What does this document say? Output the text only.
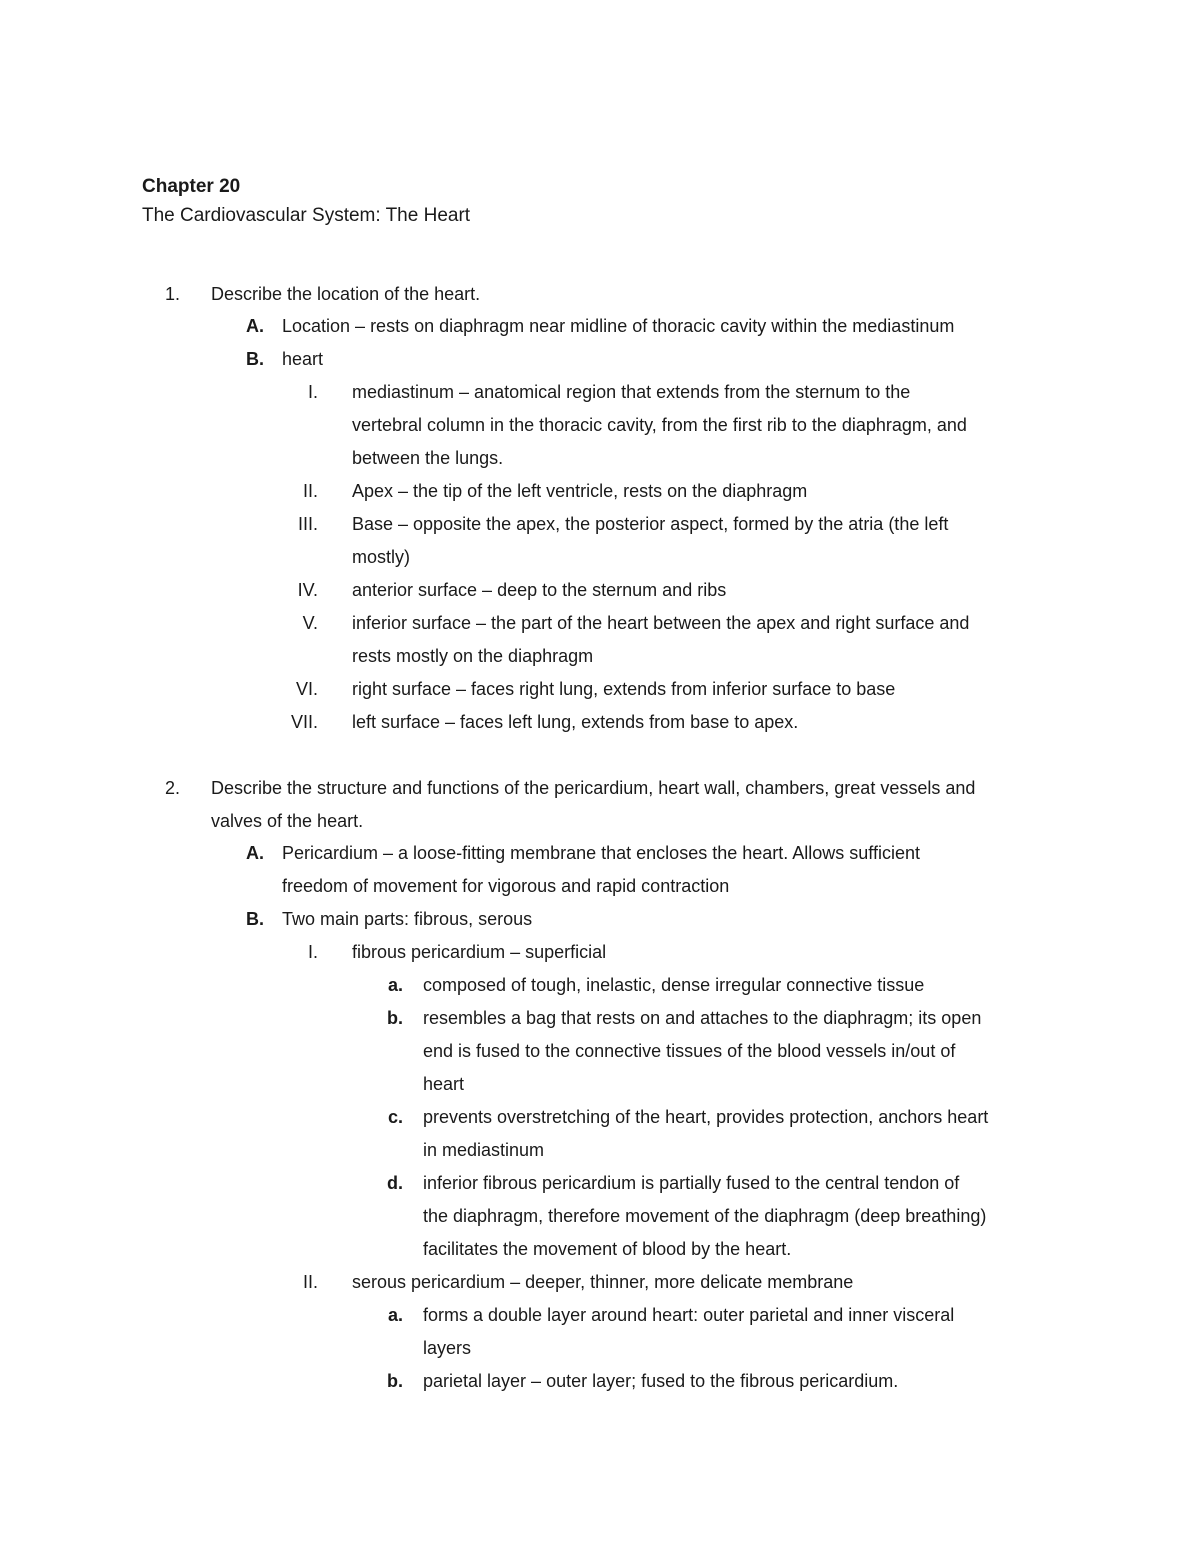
Chapter 20
The Cardiovascular System: The Heart
1.	Describe the location of the heart.
A. Location – rests on diaphragm near midline of thoracic cavity within the mediastinum
B. heart
I. mediastinum – anatomical region that extends from the sternum to the
vertebral column in the thoracic cavity, from the first rib to the diaphragm, and
between the lungs.
II. Apex – the tip of the left ventricle, rests on the diaphragm
III. Base – opposite the apex, the posterior aspect, formed by the atria (the left
mostly)
IV. anterior surface – deep to the sternum and ribs
V. inferior surface – the part of the heart between the apex and right surface and
rests mostly on the diaphragm
VI. right surface – faces right lung, extends from inferior surface to base
VII. left surface – faces left lung, extends from base to apex.
2.	Describe the structure and functions of the pericardium, heart wall, chambers, great vessels and
valves of the heart.
A. Pericardium – a loose-fitting membrane that encloses the heart. Allows sufficient
freedom of movement for vigorous and rapid contraction
B. Two main parts: fibrous, serous
I. fibrous pericardium – superficial
a. composed of tough, inelastic, dense irregular connective tissue
b. resembles a bag that rests on and attaches to the diaphragm; its open
end is fused to the connective tissues of the blood vessels in/out of
heart
c. prevents overstretching of the heart, provides protection, anchors heart
in mediastinum
d. inferior fibrous pericardium is partially fused to the central tendon of
the diaphragm, therefore movement of the diaphragm (deep breathing)
facilitates the movement of blood by the heart.
II. serous pericardium – deeper, thinner, more delicate membrane
a. forms a double layer around heart: outer parietal and inner visceral
layers
b. parietal layer – outer layer; fused to the fibrous pericardium.
